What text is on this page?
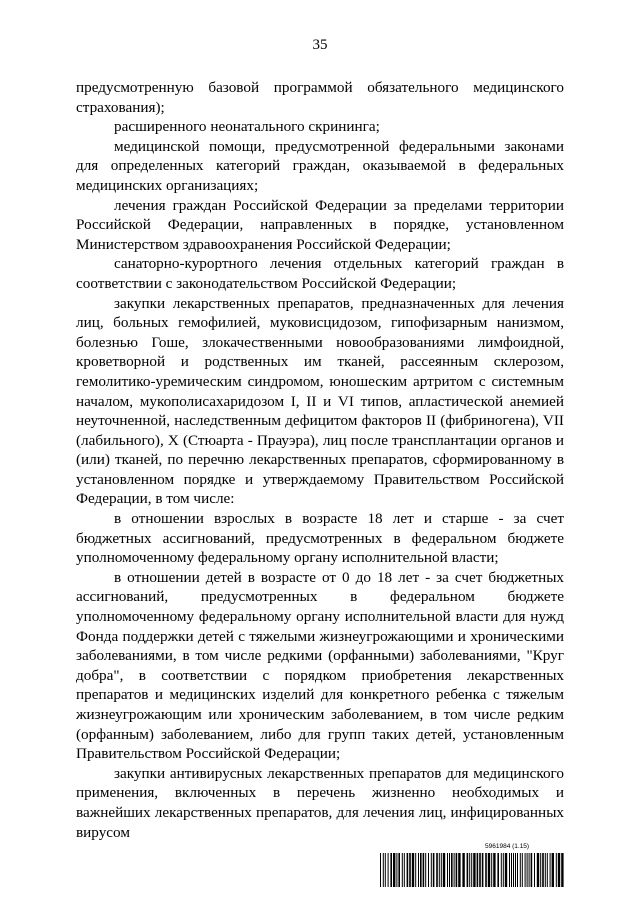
35

предусмотренную базовой программой обязательного медицинского страхования);

расширенного неонатального скрининга;

медицинской помощи, предусмотренной федеральными законами для определенных категорий граждан, оказываемой в федеральных медицинских организациях;

лечения граждан Российской Федерации за пределами территории Российской Федерации, направленных в порядке, установленном Министерством здравоохранения Российской Федерации;

санаторно-курортного лечения отдельных категорий граждан в соответствии с законодательством Российской Федерации;

закупки лекарственных препаратов, предназначенных для лечения лиц, больных гемофилией, муковисцидозом, гипофизарным нанизмом, болезнью Гоше, злокачественными новообразованиями лимфоидной, кроветворной и родственных им тканей, рассеянным склерозом, гемолитико-уремическим синдромом, юношеским артритом с системным началом, мукополисахаридозом I, II и VI типов, апластической анемией неуточненной, наследственным дефицитом факторов II (фибриногена), VII (лабильного), X (Стюарта - Прауэра), лиц после трансплантации органов и (или) тканей, по перечню лекарственных препаратов, сформированному в установленном порядке и утверждаемому Правительством Российской Федерации, в том числе:

в отношении взрослых в возрасте 18 лет и старше - за счет бюджетных ассигнований, предусмотренных в федеральном бюджете уполномоченному федеральному органу исполнительной власти;

в отношении детей в возрасте от 0 до 18 лет - за счет бюджетных ассигнований, предусмотренных в федеральном бюджете уполномоченному федеральному органу исполнительной власти для нужд Фонда поддержки детей с тяжелыми жизнеугрожающими и хроническими заболеваниями, в том числе редкими (орфанными) заболеваниями, "Круг добра", в соответствии с порядком приобретения лекарственных препаратов и медицинских изделий для конкретного ребенка с тяжелым жизнеугрожающим или хроническим заболеванием, в том числе редким (орфанным) заболеванием, либо для групп таких детей, установленным Правительством Российской Федерации;

закупки антивирусных лекарственных препаратов для медицинского применения, включенных в перечень жизненно необходимых и важнейших лекарственных препаратов, для лечения лиц, инфицированных вирусом

5961984 (1.15)
